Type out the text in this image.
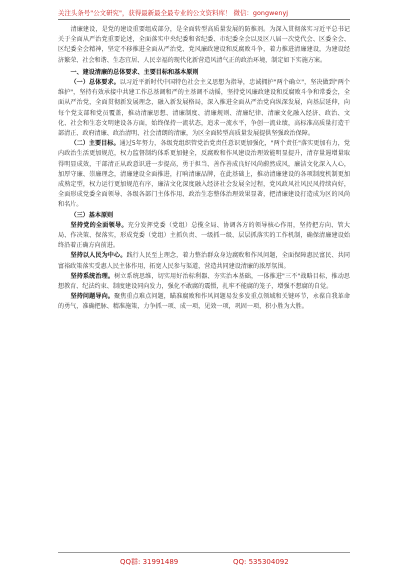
关注头条号"公文研究"，获得最新最全最专业的公文资料库！ 微信：gongwenyj

清廉建设，是党的建设重要组成部分，是全面转型高质量发展的防推剂。为深入贯彻落实习近平总书记关于全面从严治党重要论述，全面落实中央纪委和省纪委、市纪委全会以及区八届一次党代会、区委全会、区纪委全会精神，坚定不移推进全面从严治党、党风廉政建设和反腐败斗争，着力推进清廉建设，为建设经济繁荣、社会和谐、生态宜居、人民幸福的现代化新营造风清气正的政治环境，制定如下实施方案。

一、建设清廉的总体要求、主要目标和基本原则

（一）总体要求。以习近平新时代中国特色社会主义思想为指导，忠诚拥护"两个确立"，坚决做到"两个维护"，坚持有效承接中共建工作总基调和严的主基调不动摇，坚持党风廉政建设和反腐败斗争和常委会，全面从严治党，全面贯彻新发展理念，融入新发展格局，深入推进全面从严治党向纵深发展，向基层延伸，向每个党支部和党员覆盖，推动清廉思想、清廉制度、清廉规则、清廉纪律、清廉文化融入经济、政治、文化、社会和生态文明建设各方面，始终保持一流状态，追求一流水平，争创一流业绩，高标准高质量打造干部清正、政府清廉、政治清明、社会清朗的清廉，为区全面转型高质量发展提供坚强政治保障。

（二）主要目标。通过5年努力，各级党组织管党治党责任意识更加强化，"两个责任"落实更加有力，党内政治生活更加规范，权力监督制约体系更加健全，反腐败和作风建设治理效能明显提升，清存量遏增量取得明显成效，干部清正从政意识进一步提高，勇于担当、善作善成良好风尚蔚然成风，廉洁文化深入人心，加厚守廉、崇廉理念，清廉建设全面推进，打响清廉品牌，在此基础上，推动清廉建设的各项制度机制更加成熟定型，权力运行更加规范有序，廉洁文化深度融入经济社会发展全过程，党风政风社风民风持续向好，全面形成党委全面领导、各级各部门主体作用、政治生态整体治理效果显著，把清廉建设打造成为区的风尚和名片。

（三）基本原则

坚持党的全面领导。充分发挥党委（党组）总揽全局、协调各方的领导核心作用，坚持把方向、管大局、作决策、保落实，形成党委（党组）主抓负责、一级抓一级、层层抓落实的工作机制，确保清廉建设始终沿着正确方向前进。

坚持以人民为中心。践行人民至上理念，着力整治群众身边腐败和作风问题，全面保障惠民富民、共同富裕政策落实受惠人民主体作用，拓宽人民参与渠道，营造共同建设清廉的浓厚氛围。

坚持系统治理。树立系统思维，切实用好治标利器、夯实治本基础，一体推进"三不"战略目标，推动思想教育、纪法约束、制度建设同向发力，强化不敢腐的震慑，扎牢不能腐的笼子，增强不想腐的自觉。

坚持问题导向。聚焦重点难点问题，瞄准腐败和作风问题易发多发重点领域和关键环节，永葆自我革命的勇气，准确把脉、精准施策，力争抓一项、成一项，见效一项，巩固一项，积小胜为大胜。

QQ群: 31991489	QQ: 535304092
